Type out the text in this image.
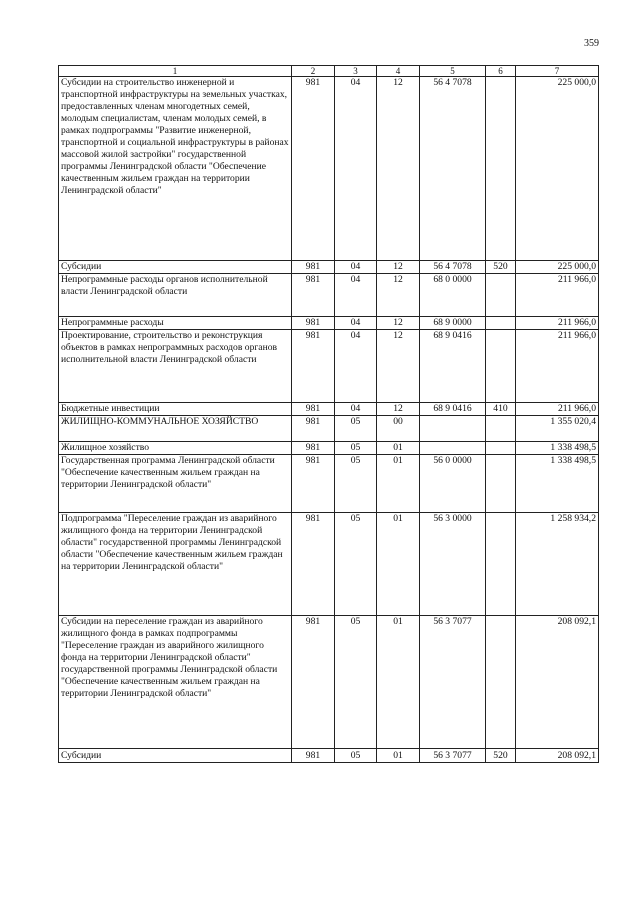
359
1	2	3	4	5	6	7
Субсидии на строительство инженерной и транспортной инфраструктуры на земельных участках, предоставленных членам многодетных семей, молодым специалистам, членам молодых семей, в рамках подпрограммы "Развитие инженерной, транспортной и социальной инфраструктуры в районах массовой жилой застройки" государственной программы Ленинградской области "Обеспечение качественным жильем граждан на территории Ленинградской области"	981	04	12	56 4 7078		225 000,0
Субсидии	981	04	12	56 4 7078	520	225 000,0
Непрограммные расходы органов исполнительной власти Ленинградской области	981	04	12	68 0 0000		211 966,0
Непрограммные расходы	981	04	12	68 9 0000		211 966,0
Проектирование, строительство и реконструкция объектов в рамках непрограммных расходов органов исполнительной власти Ленинградской области	981	04	12	68 9 0416		211 966,0
Бюджетные инвестиции	981	04	12	68 9 0416	410	211 966,0
ЖИЛИЩНО-КОММУНАЛЬНОЕ ХОЗЯЙСТВО	981	05	00			1 355 020,4
Жилищное хозяйство	981	05	01			1 338 498,5
Государственная программа Ленинградской области "Обеспечение качественным жильем граждан на территории Ленинградской области"	981	05	01	56 0 0000		1 338 498,5
Подпрограмма "Переселение граждан из аварийного жилищного фонда на территории Ленинградской области" государственной программы Ленинградской области "Обеспечение качественным жильем граждан на территории Ленинградской области"	981	05	01	56 3 0000		1 258 934,2
Субсидии на переселение граждан из аварийного жилищного фонда в рамках подпрограммы "Переселение граждан из аварийного жилищного фонда на территории Ленинградской области" государственной программы Ленинградской области "Обеспечение качественным жильем граждан на территории Ленинградской области"	981	05	01	56 3 7077		208 092,1
Субсидии	981	05	01	56 3 7077	520	208 092,1
